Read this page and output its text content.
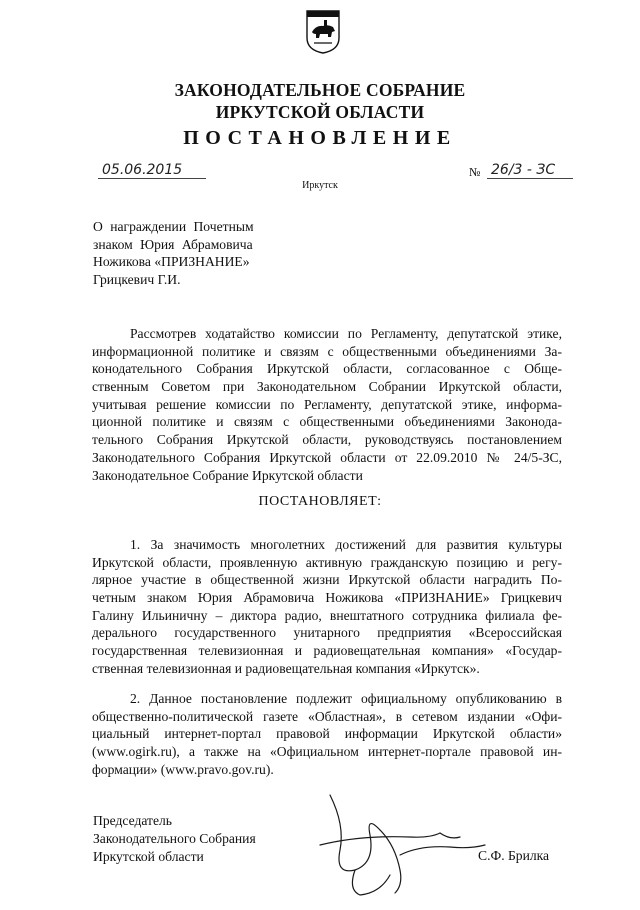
ЗАКОНОДАТЕЛЬНОЕ СОБРАНИЕ
ИРКУТСКОЙ ОБЛАСТИ
ПОСТАНОВЛЕНИЕ
05.06.2015	№ 26/3 - ЗС
Иркутск
О награждении Почетным
знаком Юрия Абрамовича
Ножикова «ПРИЗНАНИЕ»
Грицкевич Г.И.
Рассмотрев ходатайство комиссии по Регламенту, депутатской этике,
информационной политике и связям с общественными объединениями За-
конодательного Собрания Иркутской области, согласованное с Обще-
ственным Советом при Законодательном Собрании Иркутской области,
учитывая решение комиссии по Регламенту, депутатской этике, информа-
ционной политике и связям с общественными объединениями Законода-
тельного Собрания Иркутской области, руководствуясь постановлением
Законодательного Собрания Иркутской области от 22.09.2010 № 24/5-ЗС,
Законодательное Собрание Иркутской области
ПОСТАНОВЛЯЕТ:
1. За значимость многолетних достижений для развития культуры
Иркутской области, проявленную активную гражданскую позицию и регу-
лярное участие в общественной жизни Иркутской области наградить По-
четным знаком Юрия Абрамовича Ножикова «ПРИЗНАНИЕ» Грицкевич
Галину Ильиничну – диктора радио, внештатного сотрудника филиала фе-
дерального государственного унитарного предприятия «Всероссийская
государственная телевизионная и радиовещательная компания» «Государ-
ственная телевизионная и радиовещательная компания «Иркутск».
2. Данное постановление подлежит официальному опубликованию в
общественно-политической газете «Областная», в сетевом издании «Офи-
циальный интернет-портал правовой информации Иркутской области»
(www.ogirk.ru), а также на «Официальном интернет-портале правовой ин-
формации» (www.pravo.gov.ru).
Председатель
Законодательного Собрания
Иркутской области	С.Ф. Брилка
